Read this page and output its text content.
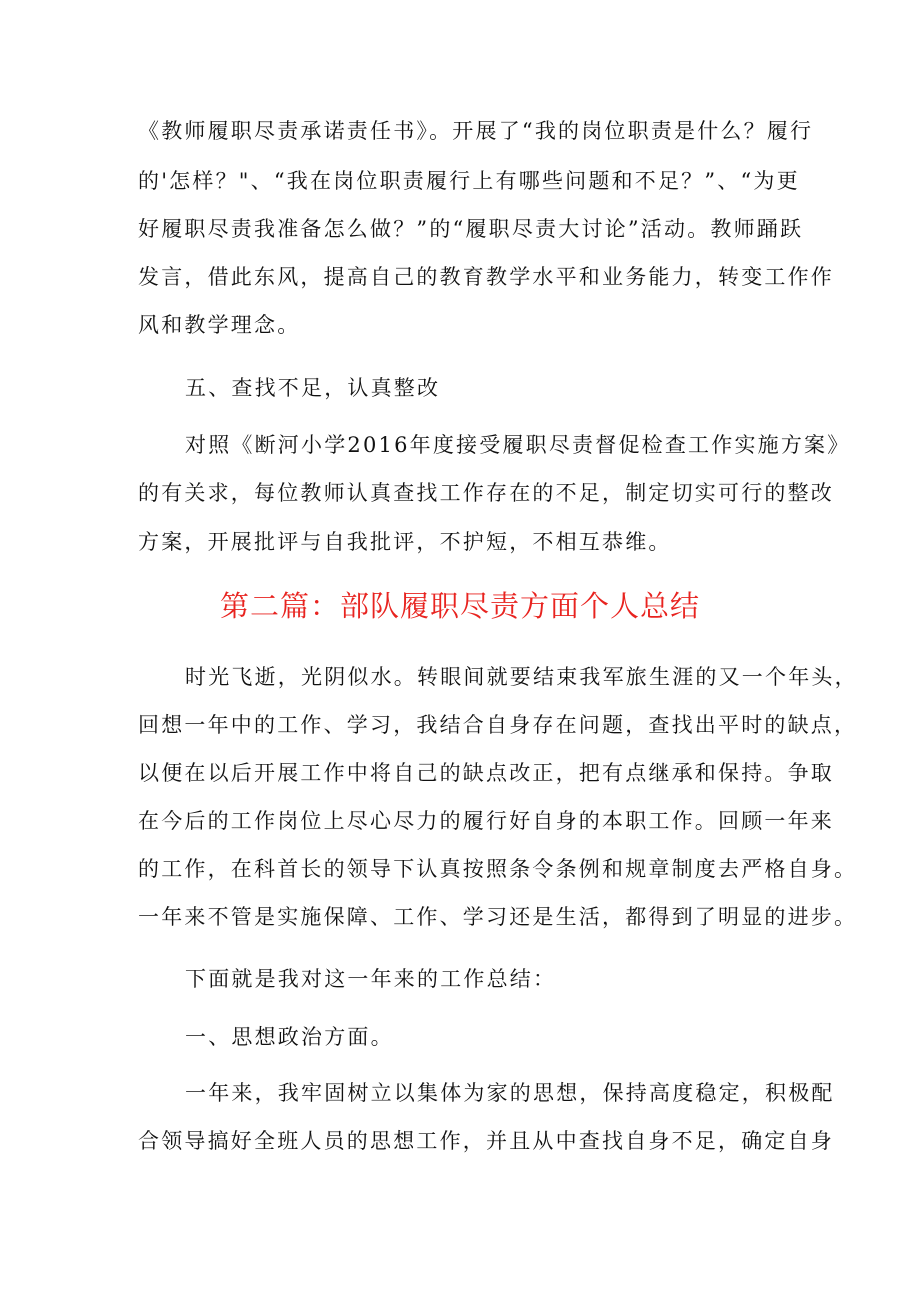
《教师履职尽责承诺责任书》。开展了“我的岗位职责是什么？履行
的'怎样？"、“我在岗位职责履行上有哪些问题和不足？”、“为更
好履职尽责我准备怎么做？”的“履职尽责大讨论”活动。教师踊跃
发言，借此东风，提高自己的教育教学水平和业务能力，转变工作作
风和教学理念。
五、查找不足，认真整改
对照《断河小学2016年度接受履职尽责督促检查工作实施方案》
的有关求，每位教师认真查找工作存在的不足，制定切实可行的整改
方案，开展批评与自我批评，不护短，不相互恭维。
第二篇：部队履职尽责方面个人总结
时光飞逝，光阴似水。转眼间就要结束我军旅生涯的又一个年头，
回想一年中的工作、学习，我结合自身存在问题，查找出平时的缺点，
以便在以后开展工作中将自己的缺点改正，把有点继承和保持。争取
在今后的工作岗位上尽心尽力的履行好自身的本职工作。回顾一年来
的工作，在科首长的领导下认真按照条令条例和规章制度去严格自身。
一年来不管是实施保障、工作、学习还是生活，都得到了明显的进步。
下面就是我对这一年来的工作总结：
一、思想政治方面。
一年来，我牢固树立以集体为家的思想，保持高度稳定，积极配
合领导搞好全班人员的思想工作，并且从中查找自身不足，确定自身
